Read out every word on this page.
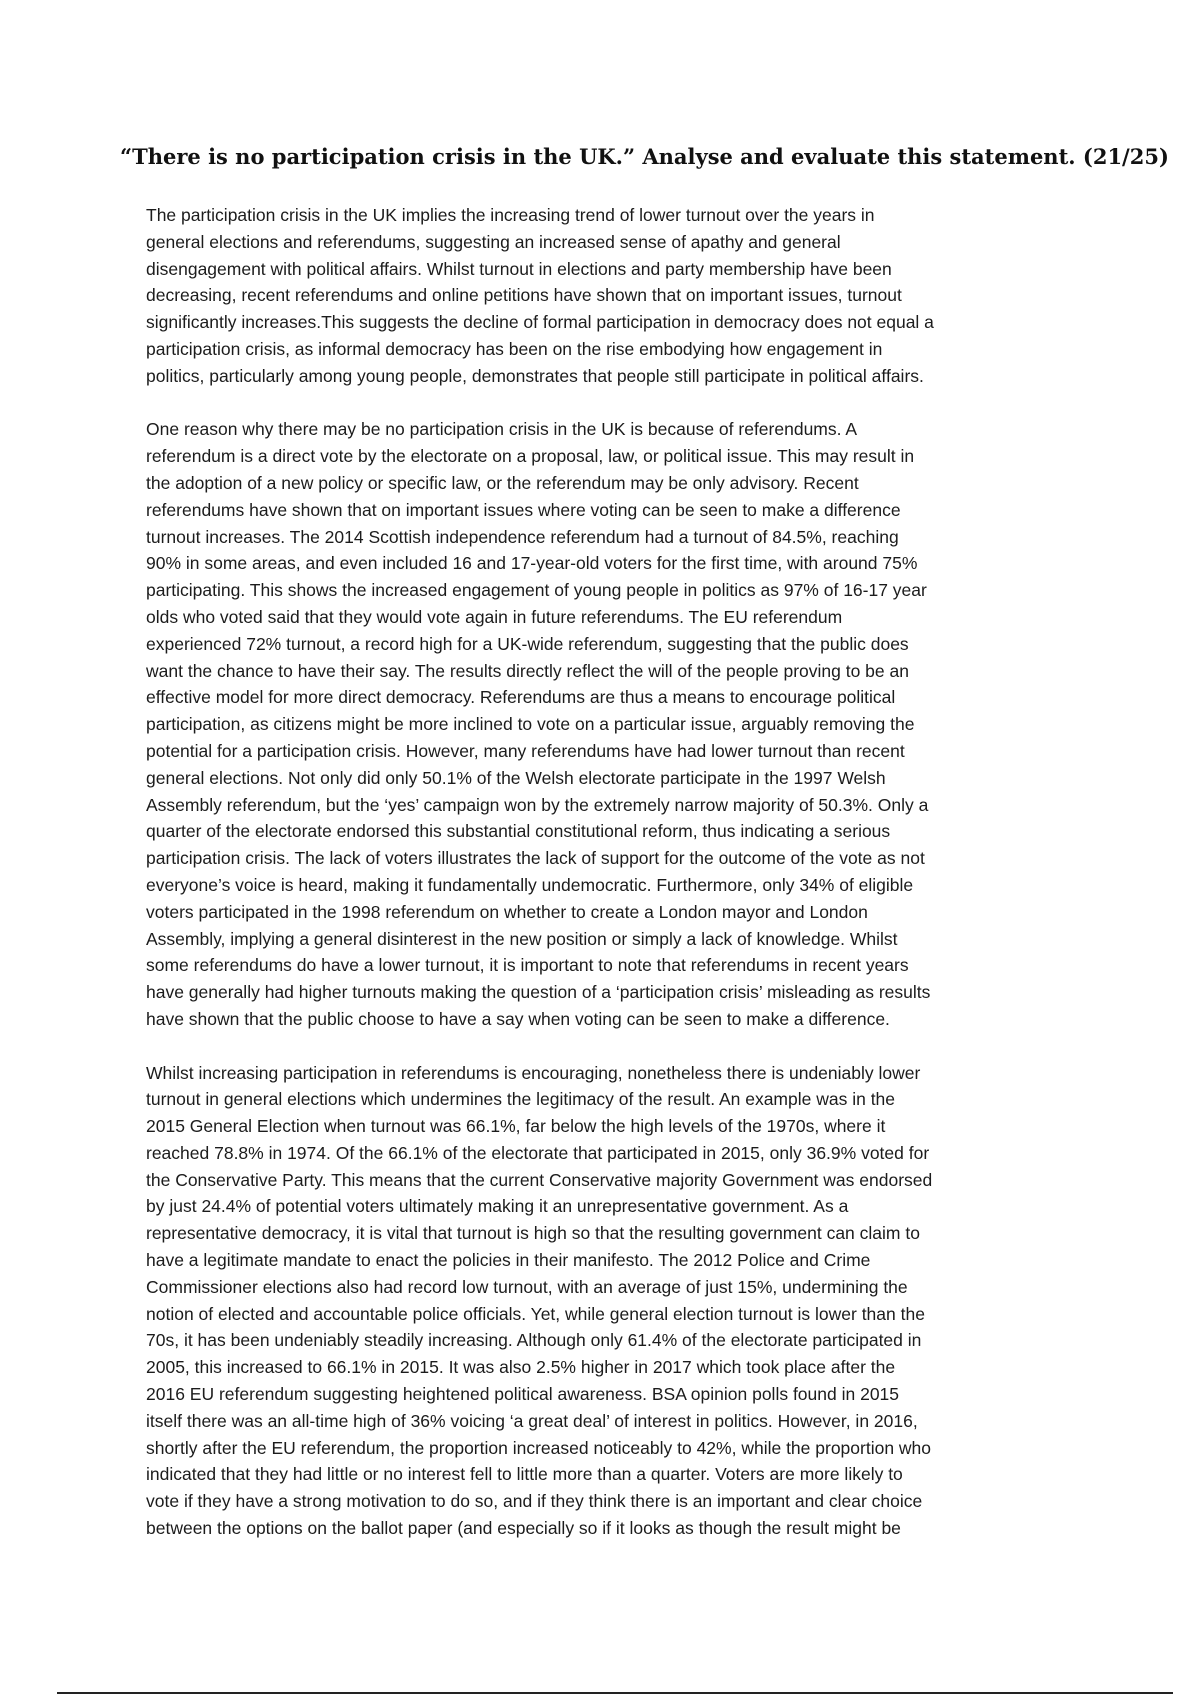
“There is no participation crisis in the UK.” Analyse and evaluate this statement. (21/25)

The participation crisis in the UK implies the increasing trend of lower turnout over the years in
general elections and referendums, suggesting an increased sense of apathy and general
disengagement with political affairs. Whilst turnout in elections and party membership have been
decreasing, recent referendums and online petitions have shown that on important issues, turnout
significantly increases.This suggests the decline of formal participation in democracy does not equal a
participation crisis, as informal democracy has been on the rise embodying how engagement in
politics, particularly among young people, demonstrates that people still participate in political affairs.

One reason why there may be no participation crisis in the UK is because of referendums. A
referendum is a direct vote by the electorate on a proposal, law, or political issue. This may result in
the adoption of a new policy or specific law, or the referendum may be only advisory. Recent
referendums have shown that on important issues where voting can be seen to make a difference
turnout increases. The 2014 Scottish independence referendum had a turnout of 84.5%, reaching
90% in some areas, and even included 16 and 17-year-old voters for the first time, with around 75%
participating. This shows the increased engagement of young people in politics as 97% of 16-17 year
olds who voted said that they would vote again in future referendums. The EU referendum
experienced 72% turnout, a record high for a UK-wide referendum, suggesting that the public does
want the chance to have their say. The results directly reflect the will of the people proving to be an
effective model for more direct democracy. Referendums are thus a means to encourage political
participation, as citizens might be more inclined to vote on a particular issue, arguably removing the
potential for a participation crisis. However, many referendums have had lower turnout than recent
general elections. Not only did only 50.1% of the Welsh electorate participate in the 1997 Welsh
Assembly referendum, but the ‘yes’ campaign won by the extremely narrow majority of 50.3%. Only a
quarter of the electorate endorsed this substantial constitutional reform, thus indicating a serious
participation crisis. The lack of voters illustrates the lack of support for the outcome of the vote as not
everyone’s voice is heard, making it fundamentally undemocratic. Furthermore, only 34% of eligible
voters participated in the 1998 referendum on whether to create a London mayor and London
Assembly, implying a general disinterest in the new position or simply a lack of knowledge. Whilst
some referendums do have a lower turnout, it is important to note that referendums in recent years
have generally had higher turnouts making the question of a ‘participation crisis’ misleading as results
have shown that the public choose to have a say when voting can be seen to make a difference.

Whilst increasing participation in referendums is encouraging, nonetheless there is undeniably lower
turnout in general elections which undermines the legitimacy of the result. An example was in the
2015 General Election when turnout was 66.1%, far below the high levels of the 1970s, where it
reached 78.8% in 1974. Of the 66.1% of the electorate that participated in 2015, only 36.9% voted for
the Conservative Party. This means that the current Conservative majority Government was endorsed
by just 24.4% of potential voters ultimately making it an unrepresentative government. As a
representative democracy, it is vital that turnout is high so that the resulting government can claim to
have a legitimate mandate to enact the policies in their manifesto. The 2012 Police and Crime
Commissioner elections also had record low turnout, with an average of just 15%, undermining the
notion of elected and accountable police officials. Yet, while general election turnout is lower than the
70s, it has been undeniably steadily increasing. Although only 61.4% of the electorate participated in
2005, this increased to 66.1% in 2015. It was also 2.5% higher in 2017 which took place after the
2016 EU referendum suggesting heightened political awareness. BSA opinion polls found in 2015
itself there was an all-time high of 36% voicing ‘a great deal’ of interest in politics. However, in 2016,
shortly after the EU referendum, the proportion increased noticeably to 42%, while the proportion who
indicated that they had little or no interest fell to little more than a quarter. Voters are more likely to
vote if they have a strong motivation to do so, and if they think there is an important and clear choice
between the options on the ballot paper (and especially so if it looks as though the result might be
